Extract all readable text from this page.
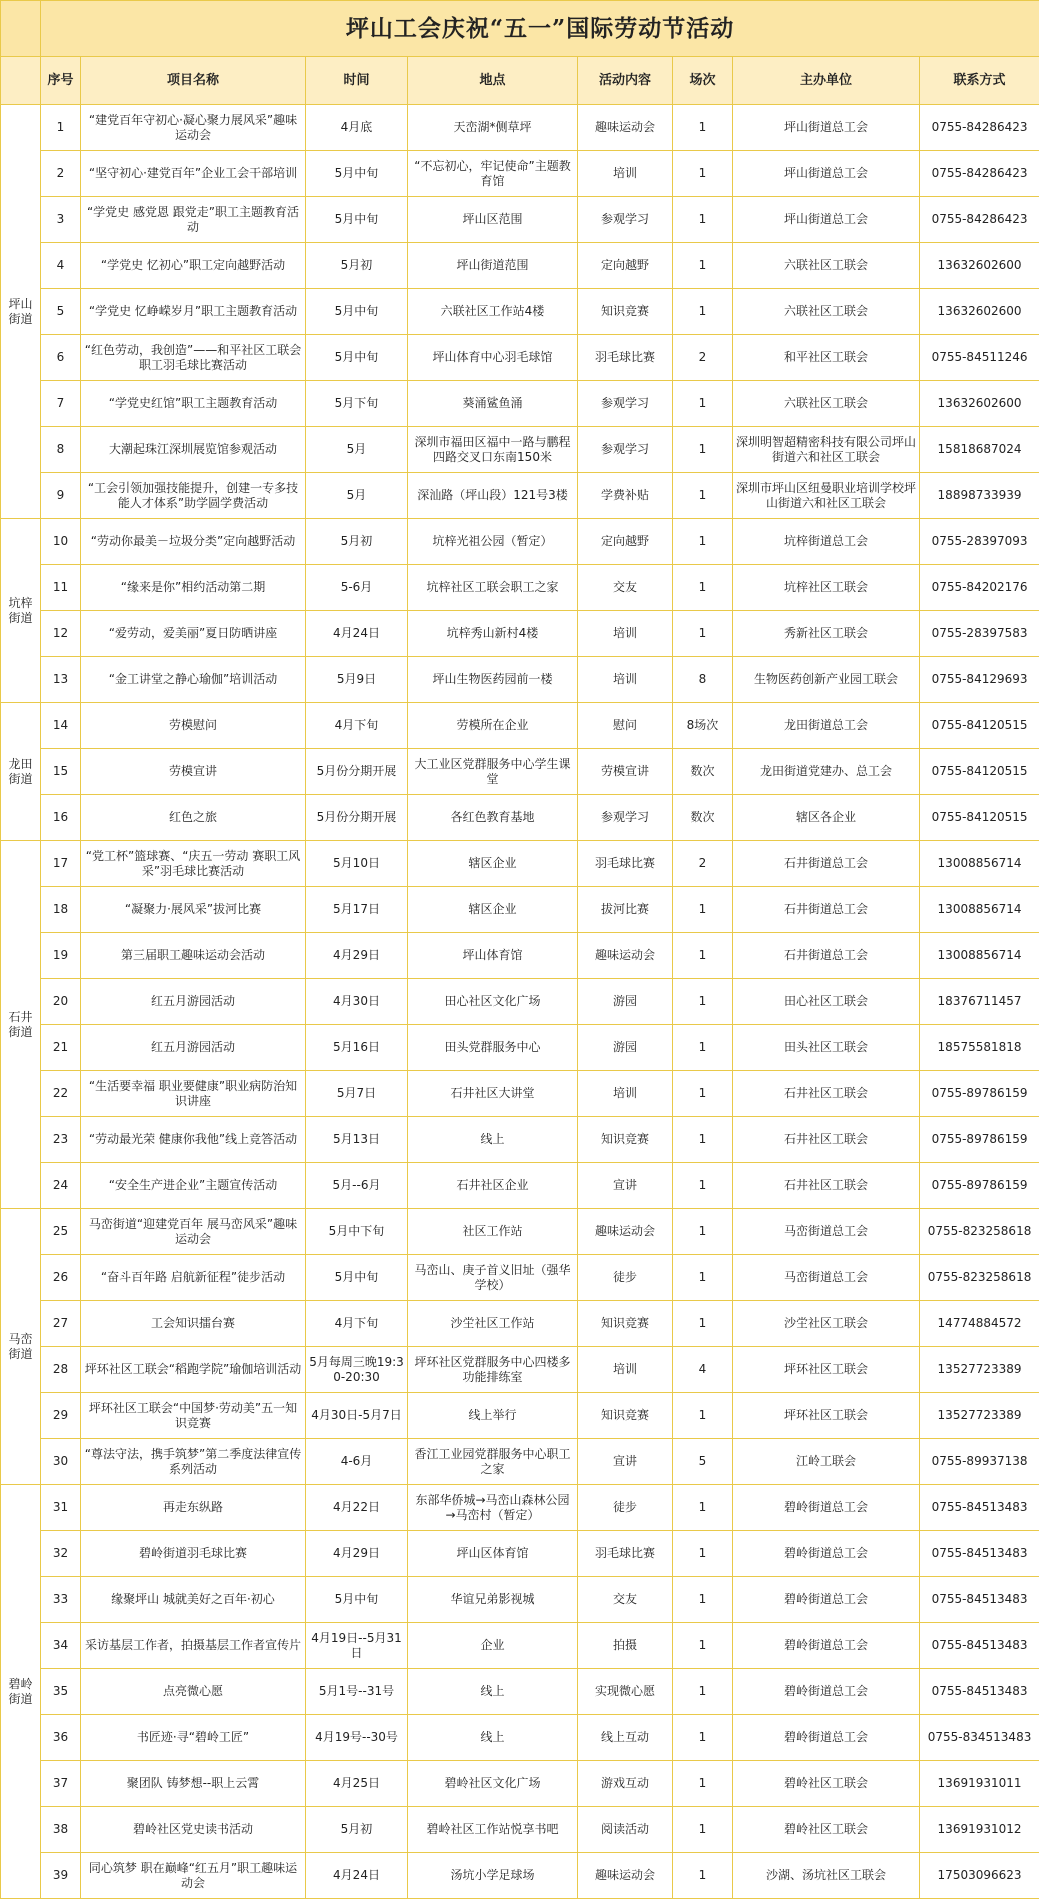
	坪山工会庆祝“五一”国际劳动节活动							
	序号	项目名称	时间	地点	活动内容	场次	主办单位	联系方式
坪山
街道	1	“建党百年守初心·凝心聚力展风采”趣味运动会	4月底	天峦湖*侧草坪	趣味运动会	1	坪山街道总工会	0755-84286423
	2	“坚守初心·建党百年”企业工会干部培训	5月中旬	“不忘初心，牢记使命”主题教育馆	培训	1	坪山街道总工会	0755-84286423
	3	“学党史 感党恩 跟党走”职工主题教育活动	5月中旬	坪山区范围	参观学习	1	坪山街道总工会	0755-84286423
	4	“学党史 忆初心”职工定向越野活动	5月初	坪山街道范围	定向越野	1	六联社区工联会	13632602600
	5	“学党史 忆峥嵘岁月”职工主题教育活动	5月中旬	六联社区工作站4楼	知识竞赛	1	六联社区工联会	13632602600
	6	“红色劳动，我创造”——和平社区工联会职工羽毛球比赛活动	5月中旬	坪山体育中心羽毛球馆	羽毛球比赛	2	和平社区工联会	0755-84511246
	7	“学党史红馆”职工主题教育活动	5月下旬	葵涌鲨鱼涌	参观学习	1	六联社区工联会	13632602600
	8	大潮起珠江深圳展览馆参观活动	5月	深圳市福田区福中一路与鹏程四路交叉口东南150米	参观学习	1	深圳明智超精密科技有限公司坪山街道六和社区工联会	15818687024
	9	“工会引领加强技能提升，创建一专多技能人才体系”助学圆学费活动	5月	深汕路（坪山段）121号3楼	学费补贴	1	深圳市坪山区纽曼职业培训学校坪山街道六和社区工联会	18898733939
坑梓
街道	10	“劳动你最美－垃圾分类”定向越野活动	5月初	坑梓光祖公园（暂定）	定向越野	1	坑梓街道总工会	0755-28397093
	11	“缘来是你”相约活动第二期	5-6月	坑梓社区工联会职工之家	交友	1	坑梓社区工联会	0755-84202176
	12	“爱劳动，爱美丽”夏日防晒讲座	4月24日	坑梓秀山新村4楼	培训	1	秀新社区工联会	0755-28397583
	13	“金工讲堂之静心瑜伽”培训活动	5月9日	坪山生物医药园前一楼	培训	8	生物医药创新产业园工联会	0755-84129693
龙田
街道	14	劳模慰问	4月下旬	劳模所在企业	慰问	8场次	龙田街道总工会	0755-84120515
	15	劳模宣讲	5月份分期开展	大工业区党群服务中心学生课堂	劳模宣讲	数次	龙田街道党建办、总工会	0755-84120515
	16	红色之旅	5月份分期开展	各红色教育基地	参观学习	数次	辖区各企业	0755-84120515
石井
街道	17	“党工杯”篮球赛、“庆五一劳动 赛职工风采”羽毛球比赛活动	5月10日	辖区企业	羽毛球比赛	2	石井街道总工会	13008856714
	18	“凝聚力·展风采”拔河比赛	5月17日	辖区企业	拔河比赛	1	石井街道总工会	13008856714
	19	第三届职工趣味运动会活动	4月29日	坪山体育馆	趣味运动会	1	石井街道总工会	13008856714
	20	红五月游园活动	4月30日	田心社区文化广场	游园	1	田心社区工联会	18376711457
	21	红五月游园活动	5月16日	田头党群服务中心	游园	1	田头社区工联会	18575581818
	22	“生活要幸福 职业要健康”职业病防治知识讲座	5月7日	石井社区大讲堂	培训	1	石井社区工联会	0755-89786159
	23	“劳动最光荣 健康你我他”线上竞答活动	5月13日	线上	知识竞赛	1	石井社区工联会	0755-89786159
	24	“安全生产进企业”主题宣传活动	5月--6月	石井社区企业	宣讲	1	石井社区工联会	0755-89786159
马峦
街道	25	马峦街道“迎建党百年 展马峦风采”趣味运动会	5月中下旬	社区工作站	趣味运动会	1	马峦街道总工会	0755-823258618
	26	“奋斗百年路 启航新征程”徒步活动	5月中旬	马峦山、庚子首义旧址（强华学校）	徒步	1	马峦街道总工会	0755-823258618
	27	工会知识擂台赛	4月下旬	沙坣社区工作站	知识竞赛	1	沙坣社区工联会	14774884572
	28	坪环社区工联会“稻跑学院”瑜伽培训活动	5月每周三晚19:30-20:30	坪环社区党群服务中心四楼多功能排练室	培训	4	坪环社区工联会	13527723389
	29	坪环社区工联会“中国梦·劳动美”五一知识竞赛	4月30日-5月7日	线上举行	知识竞赛	1	坪环社区工联会	13527723389
	30	“尊法守法，携手筑梦”第二季度法律宣传系列活动	4-6月	香江工业园党群服务中心职工之家	宣讲	5	江岭工联会	0755-89937138
碧岭
街道	31	再走东纵路	4月22日	东部华侨城→马峦山森林公园→马峦村（暂定）	徒步	1	碧岭街道总工会	0755-84513483
	32	碧岭街道羽毛球比赛	4月29日	坪山区体育馆	羽毛球比赛	1	碧岭街道总工会	0755-84513483
	33	缘聚坪山 城就美好之百年·初心	5月中旬	华谊兄弟影视城	交友	1	碧岭街道总工会	0755-84513483
	34	采访基层工作者，拍摄基层工作者宣传片	4月19日--5月31日	企业	拍摄	1	碧岭街道总工会	0755-84513483
	35	点亮微心愿	5月1号--31号	线上	实现微心愿	1	碧岭街道总工会	0755-84513483
	36	书匠迹·寻“碧岭工匠”	4月19号--30号	线上	线上互动	1	碧岭街道总工会	0755-834513483
	37	聚团队 铸梦想--职上云霄	4月25日	碧岭社区文化广场	游戏互动	1	碧岭社区工联会	13691931011
	38	碧岭社区党史读书活动	5月初	碧岭社区工作站悦享书吧	阅读活动	1	碧岭社区工联会	13691931012
	39	同心筑梦 职在巅峰“红五月”职工趣味运动会	4月24日	汤坑小学足球场	趣味运动会	1	沙湖、汤坑社区工联会	17503096623
